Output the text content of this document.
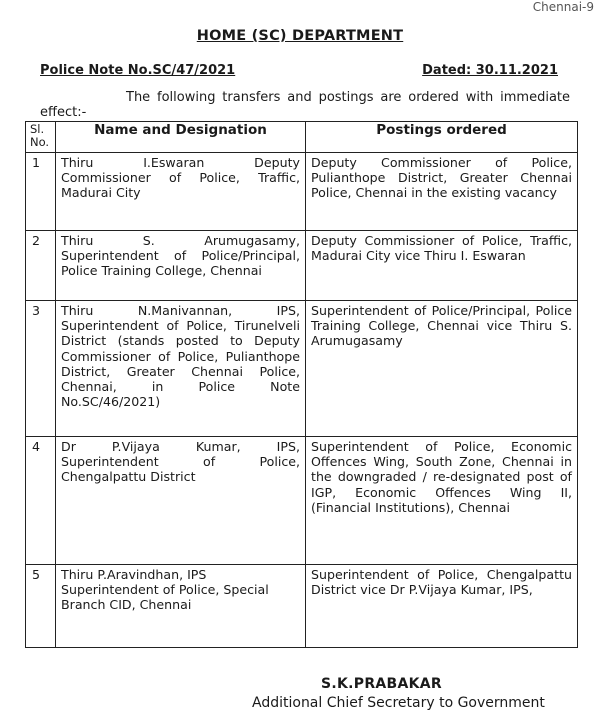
Chennai-9
HOME (SC) DEPARTMENT
Police Note No.SC/47/2021	Dated: 30.11.2021
The following transfers and postings are ordered with immediate effect:-
Sl. No.	Name and Designation	Postings ordered
1	Thiru I.Eswaran Deputy Commissioner of Police, Traffic, Madurai City	Deputy Commissioner of Police, Pulianthope District, Greater Chennai Police, Chennai in the existing vacancy
2	Thiru S. Arumugasamy, Superintendent of Police/Principal, Police Training College, Chennai	Deputy Commissioner of Police, Traffic, Madurai City vice Thiru I. Eswaran
3	Thiru N.Manivannan, IPS, Superintendent of Police, Tirunelveli District (stands posted to Deputy Commissioner of Police, Pulianthope District, Greater Chennai Police, Chennai, in Police Note No.SC/46/2021)	Superintendent of Police/Principal, Police Training College, Chennai vice Thiru S. Arumugasamy
4	Dr P.Vijaya Kumar, IPS, Superintendent of Police, Chengalpattu District	Superintendent of Police, Economic Offences Wing, South Zone, Chennai in the downgraded / re-designated post of IGP, Economic Offences Wing II, (Financial Institutions), Chennai
5	Thiru P.Aravindhan, IPS Superintendent of Police, Special Branch CID, Chennai	Superintendent of Police, Chengalpattu District vice Dr P.Vijaya Kumar, IPS,
S.K.PRABAKAR
Additional Chief Secretary to Government
